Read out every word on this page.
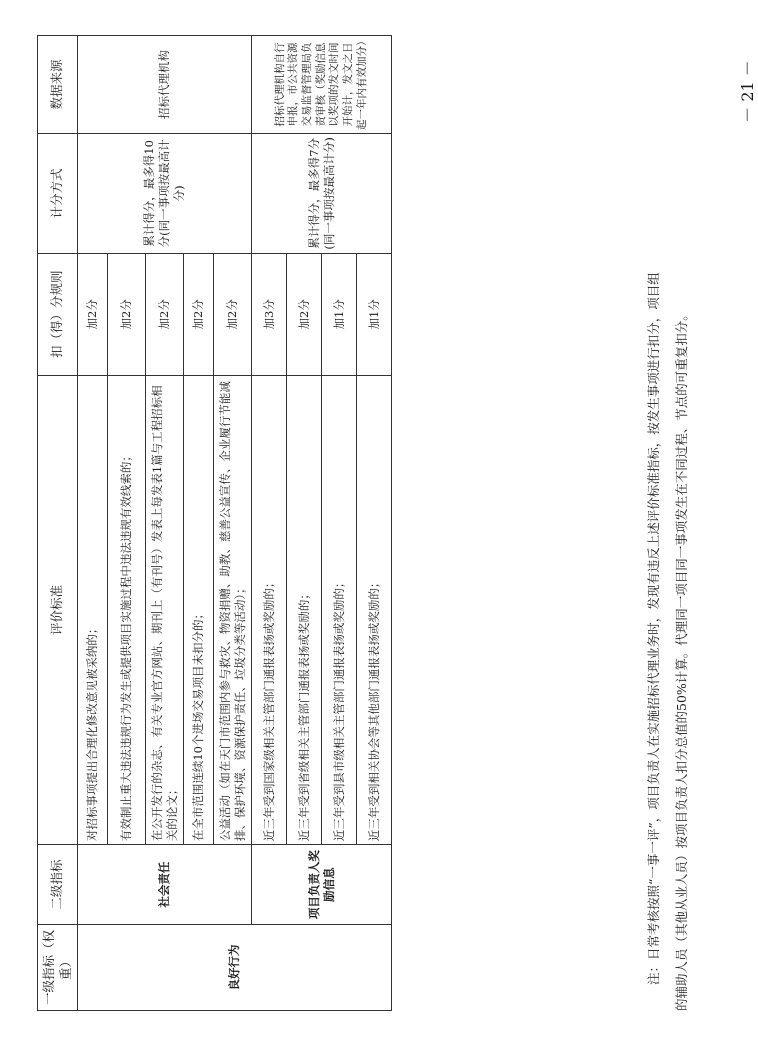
一级指标（权重）	二级指标	评价标准	扣（得）分规则	计分方式	数据来源
良好行为	社会责任	对招标事项提出合理化修改意见被采纳的；	加2分	累计得分，最多得10分(同一事项按最高计分)	招标代理机构
		有效制止重大违法违规行为发生或提供项目实施过程中违法违规有效线索的；	加2分		
		在公开发行的杂志、有关专业官方网站、期刊上（有刊号）发表上每发表1篇与工程招标相关的论文；	加2分		
		在全市范围连续10个进场交易项目未扣分的；	加2分		
		公益活动（如在天门市范围内参与救灾、物资捐赠、助教、慈善公益宣传、企业履行节能减排、保护环境、资源保护责任、垃圾分类等活动）；	加2分		
	项目负责人奖励信息	近三年受到国家级相关主管部门通报表扬或奖励的；	加3分	累计得分，最多得7分(同一事项按最高计分)	招标代理机构自行申报，市公共资源交易监督管理局负责审核（奖励信息以奖项的发文时间开始计，发文之日起一年内有效加分）
		近三年受到省级相关主管部门通报表扬或奖励的；	加2分		
		近三年受到县市级相关主管部门通报表扬或奖励的；	加1分		
		近三年受到相关协会等其他部门通报表扬或奖励的；	加1分			注：日常考核按照“一事一评”，项目负责人在实施招标代理业务时，发现有违反上述评价标准指标，按发生事项进行扣分，项目组	的辅助人员（其他从业人员）按项目负责人扣分总值的50%计算。代理同一项目同一事项发生在不同过程、节点的可重复扣分。

－ 21 －
